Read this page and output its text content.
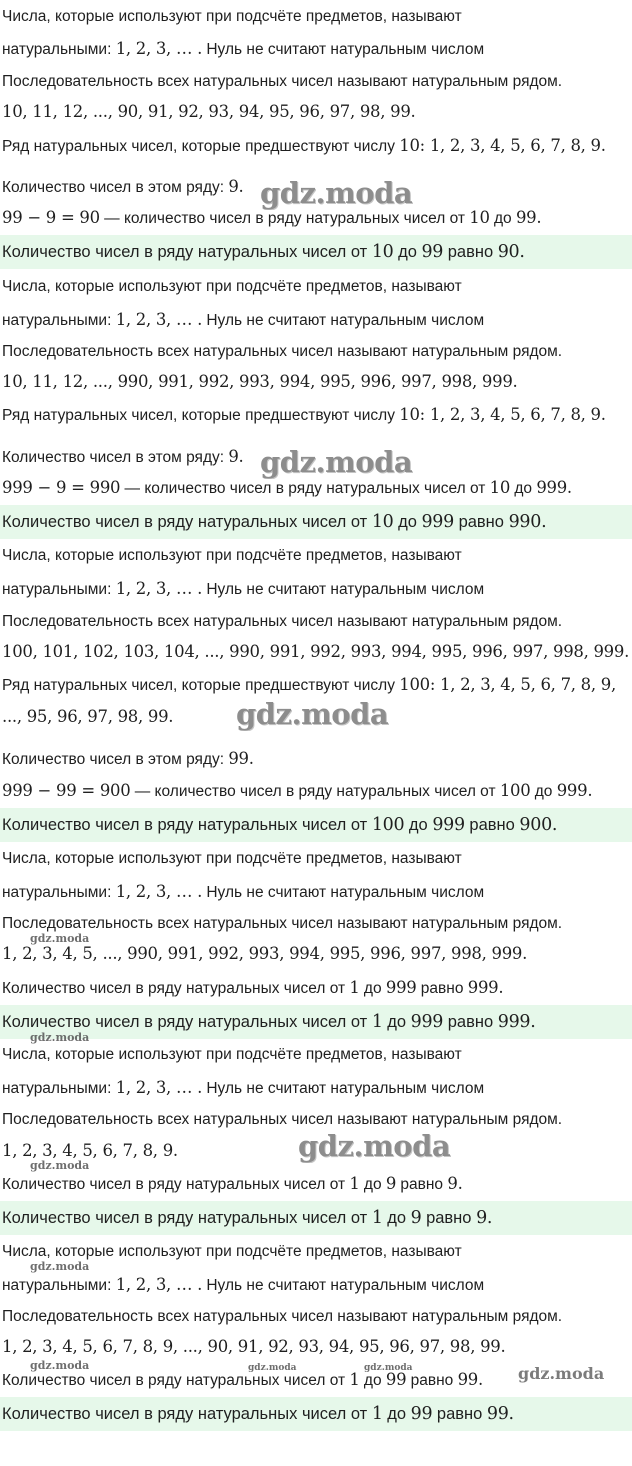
Числа, которые используют при подсчёте предметов, называют
натуральными: 1, 2, 3, … . Нуль не считают натуральным числом
Последовательность всех натуральных чисел называют натуральным рядом.
10, 11, 12, ..., 90, 91, 92, 93, 94, 95, 96, 97, 98, 99.
Ряд натуральных чисел, которые предшествуют числу 10: 1, 2, 3, 4, 5, 6, 7, 8, 9.
Количество чисел в этом ряду: 9.
99 − 9 = 90 — количество чисел в ряду натуральных чисел от 10 до 99.
Количество чисел в ряду натуральных чисел от 10 до 99 равно 90.
Числа, которые используют при подсчёте предметов, называют
натуральными: 1, 2, 3, … . Нуль не считают натуральным числом
Последовательность всех натуральных чисел называют натуральным рядом.
10, 11, 12, ..., 990, 991, 992, 993, 994, 995, 996, 997, 998, 999.
Ряд натуральных чисел, которые предшествуют числу 10: 1, 2, 3, 4, 5, 6, 7, 8, 9.
Количество чисел в этом ряду: 9.
999 − 9 = 990 — количество чисел в ряду натуральных чисел от 10 до 999.
Количество чисел в ряду натуральных чисел от 10 до 999 равно 990.
Числа, которые используют при подсчёте предметов, называют
натуральными: 1, 2, 3, … . Нуль не считают натуральным числом
Последовательность всех натуральных чисел называют натуральным рядом.
100, 101, 102, 103, 104, ..., 990, 991, 992, 993, 994, 995, 996, 997, 998, 999.
Ряд натуральных чисел, которые предшествуют числу 100: 1, 2, 3, 4, 5, 6, 7, 8, 9,
..., 95, 96, 97, 98, 99.
Количество чисел в этом ряду: 99.
999 − 99 = 900 — количество чисел в ряду натуральных чисел от 100 до 999.
Количество чисел в ряду натуральных чисел от 100 до 999 равно 900.
Числа, которые используют при подсчёте предметов, называют
натуральными: 1, 2, 3, … . Нуль не считают натуральным числом
Последовательность всех натуральных чисел называют натуральным рядом.
1, 2, 3, 4, 5, ..., 990, 991, 992, 993, 994, 995, 996, 997, 998, 999.
Количество чисел в ряду натуральных чисел от 1 до 999 равно 999.
Количество чисел в ряду натуральных чисел от 1 до 999 равно 999.
Числа, которые используют при подсчёте предметов, называют
натуральными: 1, 2, 3, … . Нуль не считают натуральным числом
Последовательность всех натуральных чисел называют натуральным рядом.
1, 2, 3, 4, 5, 6, 7, 8, 9.
Количество чисел в ряду натуральных чисел от 1 до 9 равно 9.
Количество чисел в ряду натуральных чисел от 1 до 9 равно 9.
Числа, которые используют при подсчёте предметов, называют
натуральными: 1, 2, 3, … . Нуль не считают натуральным числом
Последовательность всех натуральных чисел называют натуральным рядом.
1, 2, 3, 4, 5, 6, 7, 8, 9, ..., 90, 91, 92, 93, 94, 95, 96, 97, 98, 99.
Количество чисел в ряду натуральных чисел от 1 до 99 равно 99.
Количество чисел в ряду натуральных чисел от 1 до 99 равно 99.
gdz.moda
gdz.moda
gdz.moda
gdz.moda
gdz.moda
gdz.moda
gdz.moda
gdz.moda
gdz.moda	gdz.moda	gdz.moda	gdz.moda
